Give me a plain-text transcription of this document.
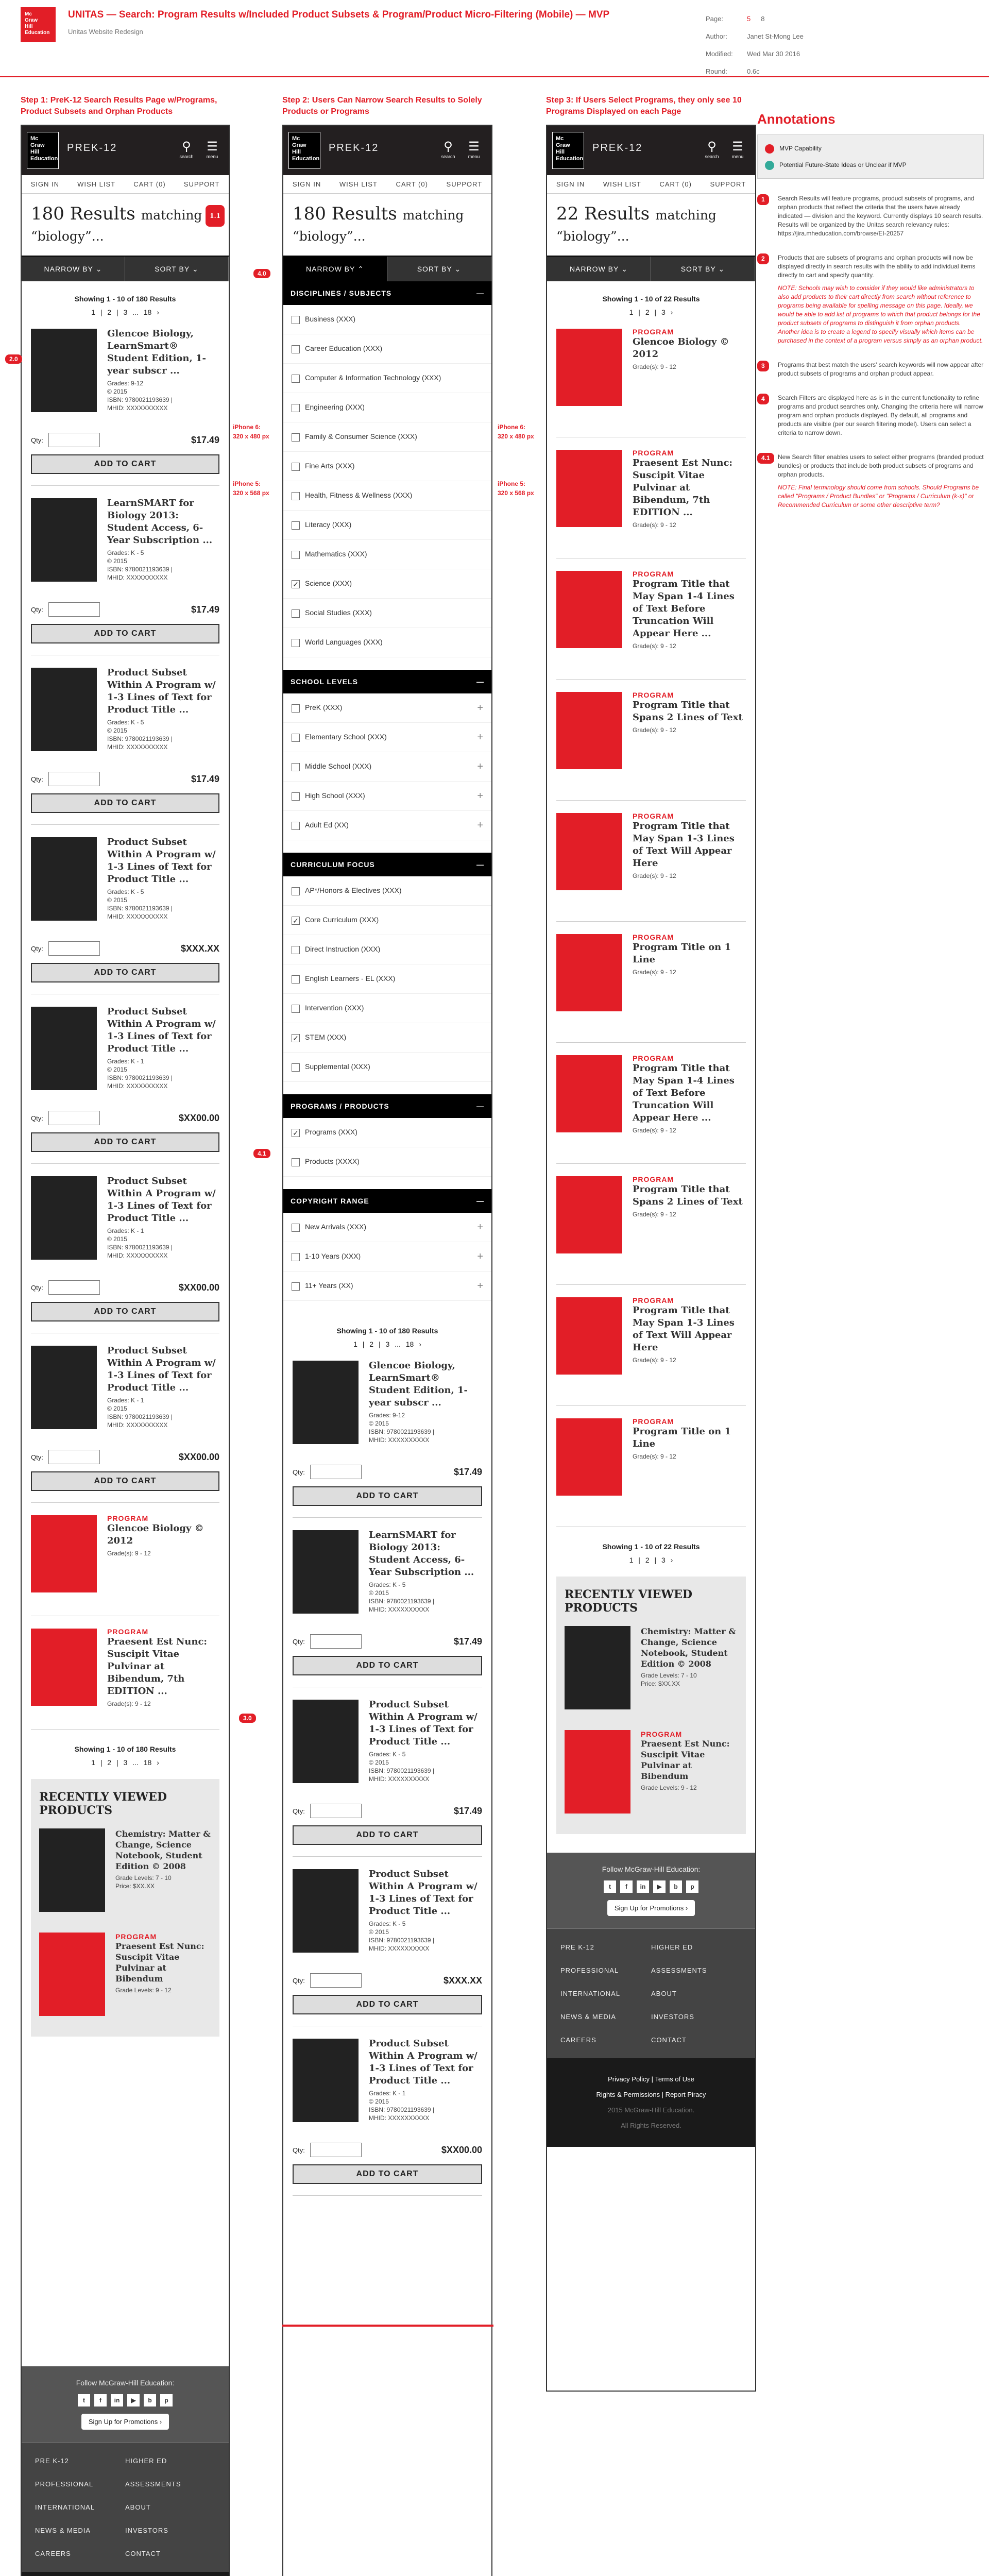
Mc
Graw
Hill
Education
UNITAS — Search: Program Results w/Included Product Subsets & Program/Product Micro-Filtering (Mobile) — MVP
Unitas Website Redesign
Page:	5 8
Author:	Janet St-Mong Lee
Modified:	Wed Mar 30 2016
Round:	0.6c
Step 1: PreK-12 Search Results Page w/Programs, Product Subsets and Orphan Products
Step 2: Users Can Narrow Search Results to Solely Products or Programs
Step 3: If Users Select Programs, they only see 10 Programs Displayed on each Page
Mc
Graw
Hill
Education
PREK-12	⚲
search
☰
menu
SIGN IN	WISH LIST	CART (0)	SUPPORT
180 Results matching
“biology”...
1.1
NARROW BY
⌄	SORT BY
⌄
Showing 1 - 10 of 180 Results
1 | 2 | 3 ... 18 ›
Glencoe Biology, LearnSmart® Student Edition, 1-year subscr ...
Grades: 9-12
© 2015
ISBN: 9780021193639 |
MHID: XXXXXXXXXX
Qty:	$17.49
ADD TO CART
LearnSMART for Biology 2013: Student Access, 6-Year Subscription ...
Grades: K - 5
© 2015
ISBN: 9780021193639 |
MHID: XXXXXXXXXX
Qty:	$17.49
ADD TO CART
Product Subset Within A Program w/ 1-3 Lines of Text for Product Title ...
Grades: K - 5
© 2015
ISBN: 9780021193639 |
MHID: XXXXXXXXXX
Qty:	$17.49
ADD TO CART
Product Subset Within A Program w/ 1-3 Lines of Text for Product Title ...
Grades: K - 5
© 2015
ISBN: 9780021193639 |
MHID: XXXXXXXXXX
Qty:	$XXX.XX
ADD TO CART
Product Subset Within A Program w/ 1-3 Lines of Text for Product Title ...
Grades: K - 1
© 2015
ISBN: 9780021193639 |
MHID: XXXXXXXXXX
Qty:	$XX00.00
ADD TO CART
Product Subset Within A Program w/ 1-3 Lines of Text for Product Title ...
Grades: K - 1
© 2015
ISBN: 9780021193639 |
MHID: XXXXXXXXXX
Qty:	$XX00.00
ADD TO CART
Product Subset Within A Program w/ 1-3 Lines of Text for Product Title ...
Grades: K - 1
© 2015
ISBN: 9780021193639 |
MHID: XXXXXXXXXX
Qty:	$XX00.00
ADD TO CART
PROGRAM
Glencoe Biology © 2012
Grade(s): 9 - 12
PROGRAM
Praesent Est Nunc: Suscipit Vitae Pulvinar at Bibendum, 7th EDITION ...
Grade(s): 9 - 12
Showing 1 - 10 of 180 Results
1 | 2 | 3 ... 18 ›
RECENTLY VIEWED PRODUCTS
Chemistry: Matter & Change, Science Notebook, Student Edition © 2008
Grade Levels: 7 - 10
Price: $XX.XX
PROGRAM
Praesent Est Nunc: Suscipit Vitae Pulvinar at Bibendum
Grade Levels: 9 - 12
Follow McGraw-Hill Education:
t	f	in	▶	b	p
Sign Up for Promotions ›
PRE K-12	HIGHER ED
PROFESSIONAL	ASSESSMENTS
INTERNATIONAL	ABOUT
NEWS & MEDIA	INVESTORS
CAREERS	CONTACT
Mc
Graw
Hill
Education
PREK-12	⚲
search
☰
menu
SIGN IN	WISH LIST	CART (0)	SUPPORT
180 Results matching
“biology”...
NARROW BY
⌃	SORT BY
⌄
DISCIPLINES / SUBJECTS	—
Business (XXX)
Career Education (XXX)
Computer & Information Technology (XXX)
Engineering (XXX)
Family & Consumer Science (XXX)
Fine Arts (XXX)
Health, Fitness & Wellness (XXX)
Literacy (XXX)
Mathematics (XXX)
✓ Science (XXX)
Social Studies (XXX)
World Languages (XXX)
SCHOOL LEVELS	—
PreK (XXX)	+
Elementary School (XXX)	+
Middle School (XXX)	+
High School (XXX)	+
Adult Ed (XX)	+
CURRICULUM FOCUS	—
AP*/Honors & Electives (XXX)
✓ Core Curriculum (XXX)
Direct Instruction (XXX)
English Learners - EL (XXX)
Intervention (XXX)
✓ STEM (XXX)
Supplemental (XXX)
PROGRAMS / PRODUCTS	—
✓ Programs (XXX)
Products (XXXX)
COPYRIGHT RANGE	—
New Arrivals (XXX)	+
1-10 Years (XXX)	+
11+ Years (XX)	+
Showing 1 - 10 of 180 Results
1 | 2 | 3 ... 18 ›
Glencoe Biology, LearnSmart® Student Edition, 1-year subscr ...
Grades: 9-12
© 2015
ISBN: 9780021193639 |
MHID: XXXXXXXXXX
Qty:	$17.49
ADD TO CART
LearnSMART for Biology 2013: Student Access, 6-Year Subscription ...
Grades: K - 5
© 2015
ISBN: 9780021193639 |
MHID: XXXXXXXXXX
Qty:	$17.49
ADD TO CART
Product Subset Within A Program w/ 1-3 Lines of Text for Product Title ...
Grades: K - 5
© 2015
ISBN: 9780021193639 |
MHID: XXXXXXXXXX
Qty:	$17.49
ADD TO CART
Product Subset Within A Program w/ 1-3 Lines of Text for Product Title ...
Grades: K - 5
© 2015
ISBN: 9780021193639 |
MHID: XXXXXXXXXX
Qty:	$XXX.XX
ADD TO CART
Product Subset Within A Program w/ 1-3 Lines of Text for Product Title ...
Grades: K - 1
© 2015
ISBN: 9780021193639 |
MHID: XXXXXXXXXX
Qty:	$XX00.00
ADD TO CART
Mc
Graw
Hill
Education
PREK-12	⚲
search
☰
menu
SIGN IN	WISH LIST	CART (0)	SUPPORT
22 Results matching
“biology”...
NARROW BY
⌄	SORT BY
⌄
Showing 1 - 10 of 22 Results
1 | 2 | 3 ›
PROGRAM
Glencoe Biology © 2012
Grade(s): 9 - 12
PROGRAM
Praesent Est Nunc: Suscipit Vitae Pulvinar at Bibendum, 7th EDITION ...
Grade(s): 9 - 12
PROGRAM
Program Title that May Span 1-4 Lines of Text Before Truncation Will Appear Here ...
Grade(s): 9 - 12
PROGRAM
Program Title that Spans 2 Lines of Text
Grade(s): 9 - 12
PROGRAM
Program Title that May Span 1-3 Lines of Text Will Appear Here
Grade(s): 9 - 12
PROGRAM
Program Title on 1 Line
Grade(s): 9 - 12
PROGRAM
Program Title that May Span 1-4 Lines of Text Before Truncation Will Appear Here ...
Grade(s): 9 - 12
PROGRAM
Program Title that Spans 2 Lines of Text
Grade(s): 9 - 12
PROGRAM
Program Title that May Span 1-3 Lines of Text Will Appear Here
Grade(s): 9 - 12
PROGRAM
Program Title on 1 Line
Grade(s): 9 - 12
Showing 1 - 10 of 22 Results
1 | 2 | 3 ›
RECENTLY VIEWED PRODUCTS
Chemistry: Matter & Change, Science Notebook, Student Edition © 2008
Grade Levels: 7 - 10
Price: $XX.XX
PROGRAM
Praesent Est Nunc: Suscipit Vitae Pulvinar at Bibendum
Grade Levels: 9 - 12
Follow McGraw-Hill Education:
t	f	in	▶	b	p
Sign Up for Promotions ›
PRE K-12	HIGHER ED
PROFESSIONAL	ASSESSMENTS
INTERNATIONAL	ABOUT
NEWS & MEDIA	INVESTORS
CAREERS	CONTACT
Privacy Policy | Terms of Use
Rights & Permissions | Report Piracy
2015 McGraw-Hill Education.
All Rights Reserved.
2.0
4.0
4.1
3.0
iPhone 6:
320 x 480 px
iPhone 5:
320 x 568 px
iPhone 6:
320 x 480 px
iPhone 5:
320 x 568 px
Annotations
MVP Capability
Potential Future-State Ideas or Unclear if MVP
1	Search Results will feature programs, product subsets of programs, and orphan products that reflect the criteria that the users have already indicated — division and the keyword. Currently displays 10 search results. Results will be organized by the Unitas search relevancy rules: https://jira.mheducation.com/browse/EI-20257
2	Products that are subsets of programs and orphan products will now be displayed directly in search results with the ability to add individual items directly to cart and specify quantity.
NOTE: Schools may wish to consider if they would like administrators to also add products to their cart directly from search without reference to programs being available for spelling message on this page. Ideally, we would be able to add list of programs to which that product belongs for the product subsets of programs to distinguish it from orphan products. Another idea is to create a legend to specify visually which items can be purchased in the context of a program versus simply as an orphan product.
3	Programs that best match the users' search keywords will now appear after product subsets of programs and orphan product appear.
4	Search Filters are displayed here as is in the current functionality to refine programs and product searches only. Changing the criteria here will narrow program and orphan products displayed. By default, all programs and products are visible (per our search filtering model). Users can select a criteria to narrow down.
4.1	New Search filter enables users to select either programs (branded product bundles) or products that include both product subsets of programs and orphan products.
NOTE: Final terminology should come from schools. Should Programs be called "Programs / Product Bundles" or "Programs / Curriculum (k-x)" or Recommended Curriculum or some other descriptive term?
